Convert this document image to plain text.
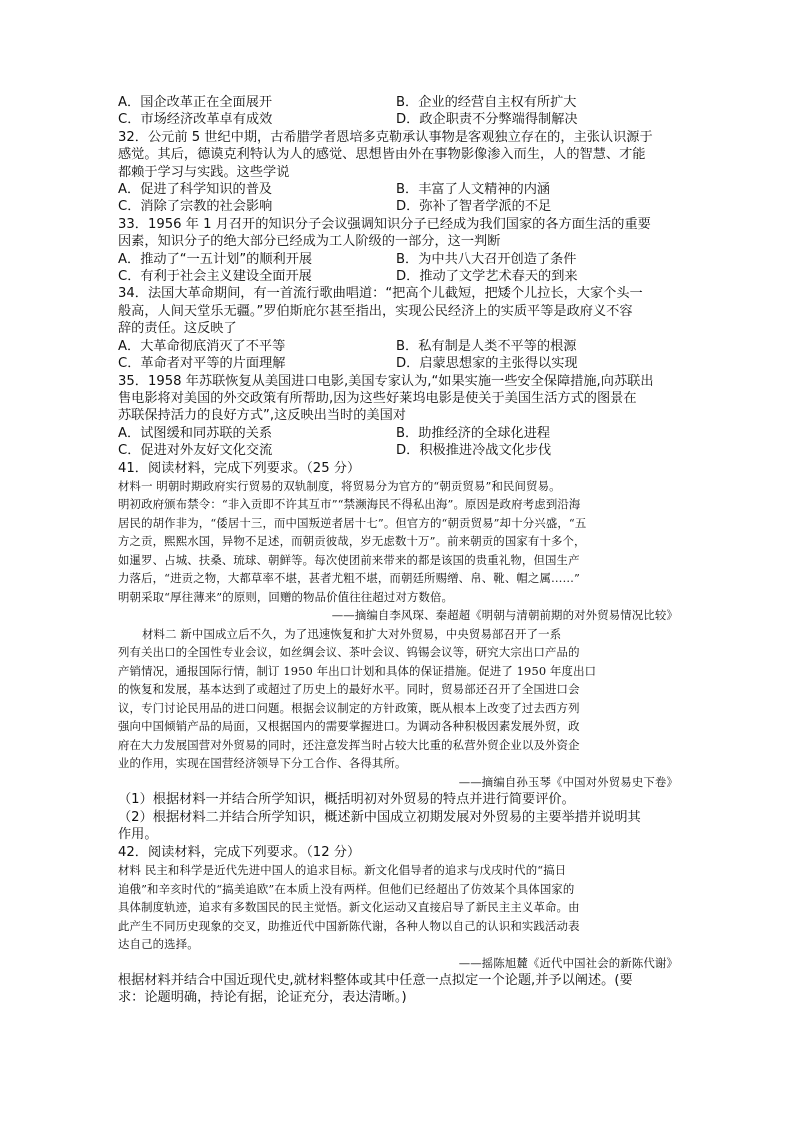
A．国企改革正在全面展开	B．企业的经营自主权有所扩大
C．市场经济改革卓有成效	D．政企职责不分弊端得制解决
32．公元前 5 世纪中期，古希腊学者恩培多克勒承认事物是客观独立存在的，主张认识源于
感觉。其后，德谟克利特认为人的感觉、思想皆由外在事物影像渗入而生，人的智慧、才能
都赖于学习与实践。这些学说
A．促进了科学知识的普及	B．丰富了人文精神的内涵
C．消除了宗教的社会影响	D．弥补了智者学派的不足
33．1956 年 1 月召开的知识分子会议强调知识分子已经成为我们国家的各方面生活的重要
因素，知识分子的绝大部分已经成为工人阶级的一部分，这一判断
A．推动了“一五计划”的顺利开展	B．为中共八大召开创造了条件
C．有利于社会主义建设全面开展	D．推动了文学艺术春天的到来
34．法国大革命期间，有一首流行歌曲唱道：“把高个儿截短，把矮个儿拉长，大家个头一
般高，人间天堂乐无疆。”罗伯斯庇尔甚至指出，实现公民经济上的实质平等是政府义不容
辞的责任。这反映了
A．大革命彻底消灭了不平等	B．私有制是人类不平等的根源
C．革命者对平等的片面理解	D．启蒙思想家的主张得以实现
35．1958 年苏联恢复从美国进口电影,美国专家认为,“如果实施一些安全保障措施,向苏联出
售电影将对美国的外交政策有所帮助,因为这些好莱坞电影是使关于美国生活方式的图景在
苏联保持活力的良好方式”,这反映出当时的美国对
A．试图缓和同苏联的关系	B．助推经济的全球化进程
C．促进对外友好文化交流	D．积极推进冷战文化步伐
41．阅读材料，完成下列要求。（25 分）
材料一 明朝时期政府实行贸易的双轨制度，将贸易分为官方的“朝贡贸易”和民间贸易。
明初政府颁布禁令：“非入贡即不许其互市”“禁濒海民不得私出海”。原因是政府考虑到沿海
居民的胡作非为，“倭居十三，而中国叛逆者居十七”。但官方的“朝贡贸易”却十分兴盛，“五
方之贡，熙熙水国，异物不足述，而朝贡彼哉，岁无虑数十万”。前来朝贡的国家有十多个，
如暹罗、占城、扶桑、琉球、朝鲜等。每次使团前来带来的都是该国的贵重礼物，但国生产
力落后，“进贡之物，大都草率不堪，甚者尤粗不堪，而朝廷所赐缯、帛、靴、帽之属……”
明朝采取“厚往薄来”的原则，回赠的物品价值往往超过对方数倍。
——摘编自李风琛、秦超超《明朝与清朝前期的对外贸易情况比较》
材料二 新中国成立后不久，为了迅速恢复和扩大对外贸易，中央贸易部召开了一系
列有关出口的全国性专业会议，如丝绸会议、茶叶会议、钨锡会议等，研究大宗出口产品的
产销情况，通报国际行情，制订 1950 年出口计划和具体的保证措施。促进了 1950 年度出口
的恢复和发展，基本达到了或超过了历史上的最好水平。同时，贸易部还召开了全国进口会
议，专门讨论民用品的进口问题。根据会议制定的方针政策，既从根本上改变了过去西方列
强向中国倾销产品的局面，又根据国内的需要掌握进口。为调动各种积极因素发展外贸，政
府在大力发展国营对外贸易的同时，还注意发挥当时占较大比重的私营外贸企业以及外资企
业的作用，实现在国营经济领导下分工合作、各得其所。
——摘编自孙玉琴《中国对外贸易史下卷》
（1）根据材料一并结合所学知识，概括明初对外贸易的特点并进行简要评价。
（2）根据材料二并结合所学知识，概述新中国成立初期发展对外贸易的主要举措并说明其
作用。
42．阅读材料，完成下列要求。（12 分）
材料 民主和科学是近代先进中国人的追求目标。新文化倡导者的追求与戊戌时代的“搞日
追俄”和辛亥时代的“搞美追欧”在本质上没有两样。但他们已经超出了仿效某个具体国家的
具体制度轨迹，追求有多数国民的民主觉悟。新文化运动又直接启导了新民主主义革命。由
此产生不同历史现象的交叉，助推近代中国新陈代谢，各种人物以自己的认识和实践活动表
达自己的选择。
——摇陈旭麓《近代中国社会的新陈代谢》
根据材料并结合中国近现代史,就材料整体或其中任意一点拟定一个论题,并予以阐述。(要
求：论题明确，持论有据，论证充分，表达清晰。)
